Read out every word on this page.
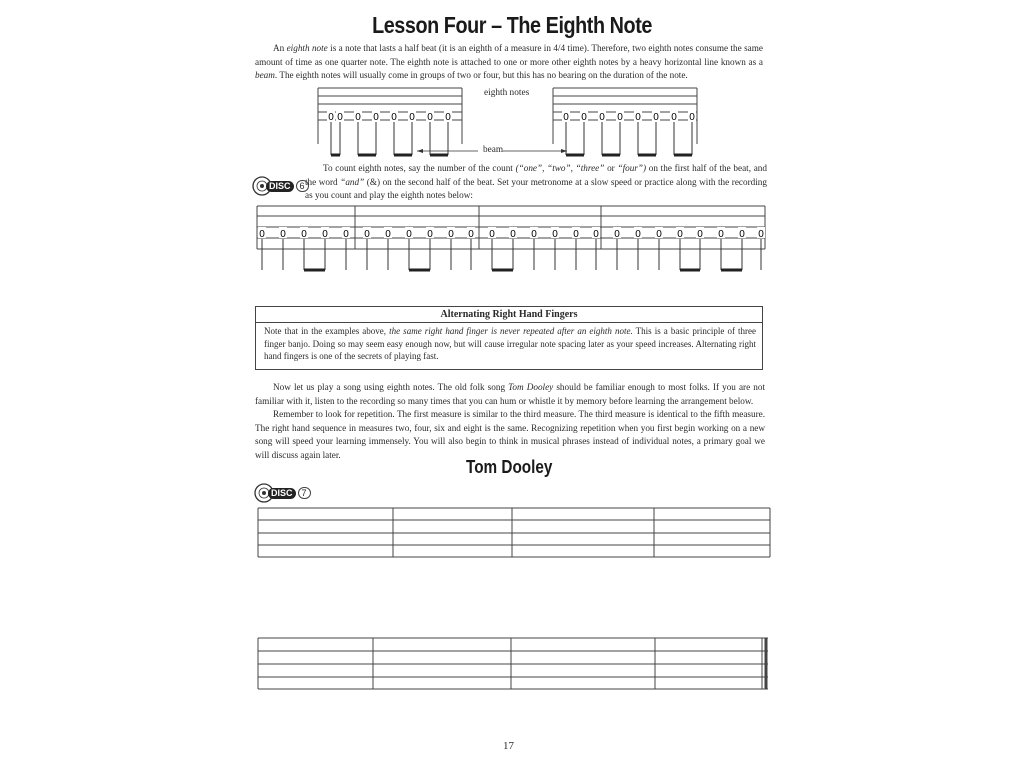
Lesson Four – The Eighth Note
An eighth note is a note that lasts a half beat (it is an eighth of a measure in 4/4 time). Therefore, two eighth notes consume the same amount of time as one quarter note. The eighth note is attached to one or more other eighth notes by a heavy horizontal line known as a beam. The eighth notes will usually come in groups of two or four, but this has no bearing on the duration of the note.
eighth notes
beam
0 0 0 0 0 0 0 0	0 0 0 0 0 0 0 0
0 0 0 0 0 0 0 0 0 0 0 0 0 0 0 0 0 0 0 0 0 0 0 0 0
To count eighth notes, say the number of the count (“one”, “two”, “three” or “four”) on the first half of the beat, and the word “and” (&) on the second half of the beat. Set your metronome at a slow speed or practice along with the recording as you count and play the eighth notes below:
DISC	6
Alternating Right Hand Fingers
Note that in the examples above, the same right hand finger is never repeated after an eighth note. This is a basic principle of three finger banjo. Doing so may seem easy enough now, but will cause irregular note spacing later as your speed increases. Alternating right hand fingers is one of the secrets of playing fast.
Now let us play a song using eighth notes. The old folk song Tom Dooley should be familiar enough to most folks. If you are not familiar with it, listen to the recording so many times that you can hum or whistle it by memory before learning the arrangement below.
Remember to look for repetition. The first measure is similar to the third measure. The third measure is identical to the fifth measure. The right hand sequence in measures two, four, six and eight is the same. Recognizing repetition when you first begin working on a new song will speed your learning immensely. You will also begin to think in musical phrases instead of individual notes, a primary goal we will discuss again later.
Tom Dooley
DISC	7
17
